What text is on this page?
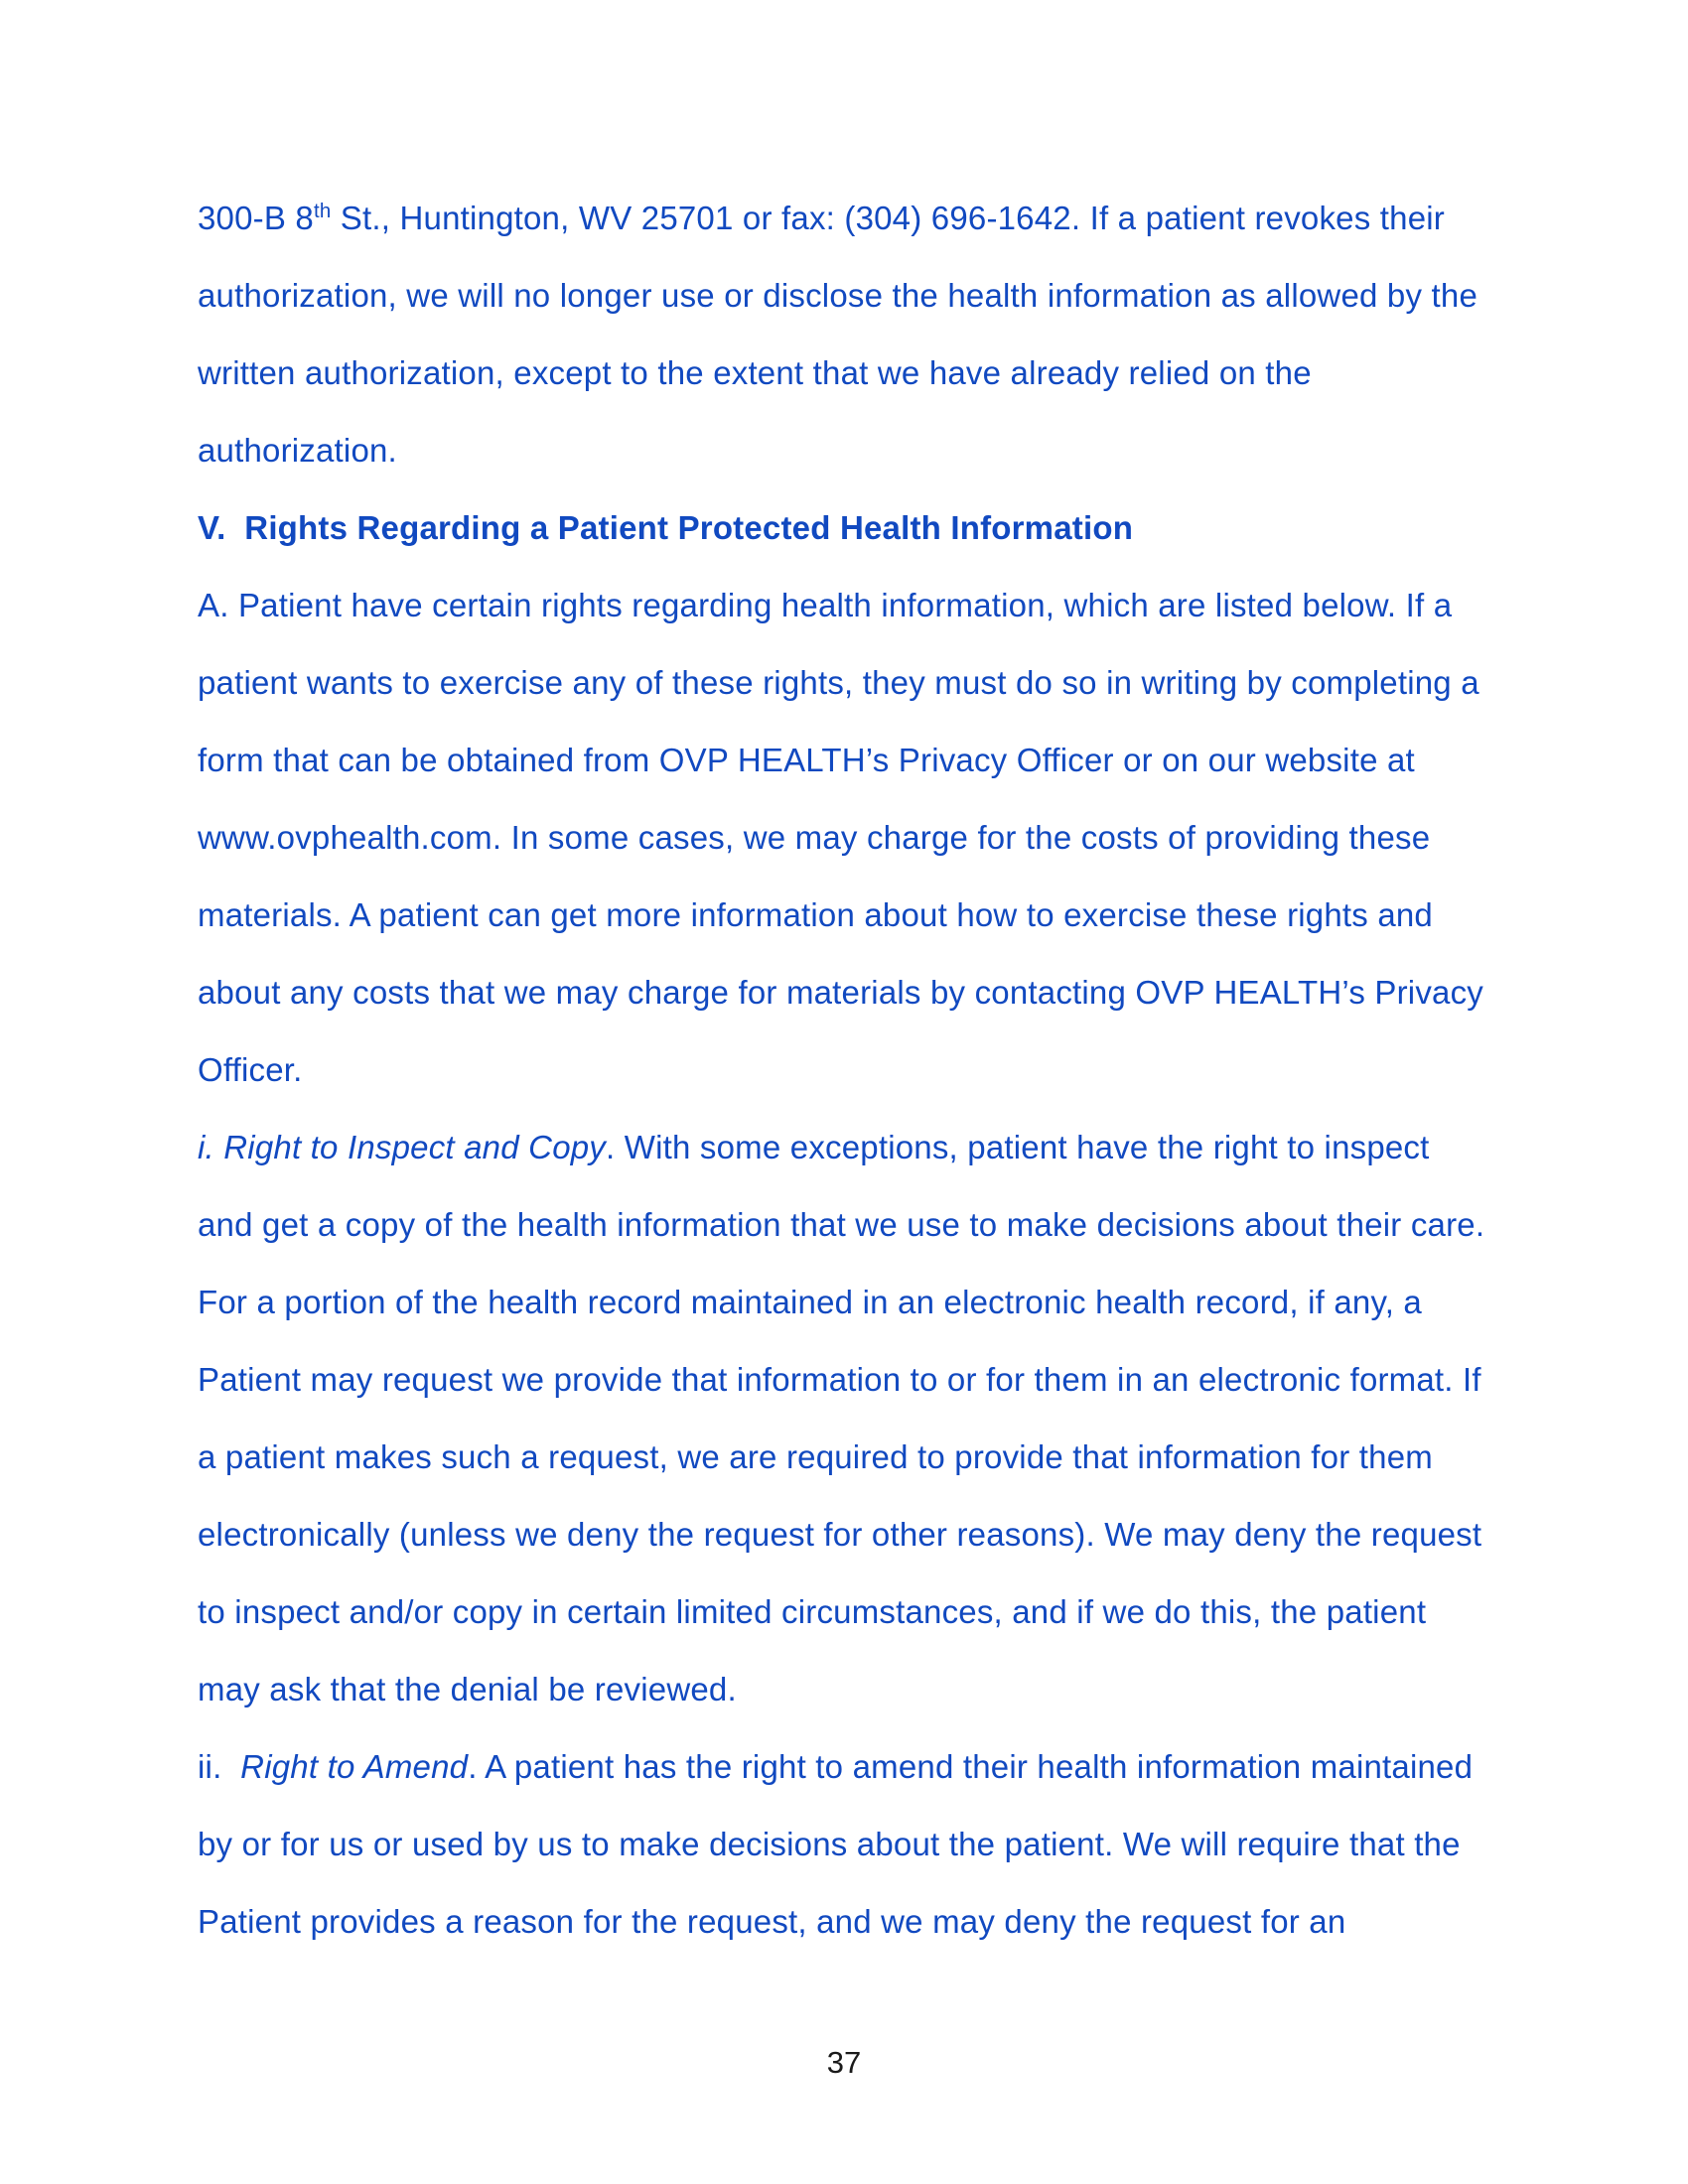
300-B 8th St., Huntington, WV 25701 or fax: (304) 696-1642. If a patient revokes their
authorization, we will no longer use or disclose the health information as allowed by the
written authorization, except to the extent that we have already relied on the
authorization.
V.  Rights Regarding a Patient Protected Health Information
A. Patient have certain rights regarding health information, which are listed below. If a
patient wants to exercise any of these rights, they must do so in writing by completing a
form that can be obtained from OVP HEALTH’s Privacy Officer or on our website at
www.ovphealth.com. In some cases, we may charge for the costs of providing these
materials. A patient can get more information about how to exercise these rights and
about any costs that we may charge for materials by contacting OVP HEALTH’s Privacy
Officer.
i. Right to Inspect and Copy. With some exceptions, patient have the right to inspect
and get a copy of the health information that we use to make decisions about their care.
For a portion of the health record maintained in an electronic health record, if any, a
Patient may request we provide that information to or for them in an electronic format. If
a patient makes such a request, we are required to provide that information for them
electronically (unless we deny the request for other reasons). We may deny the request
to inspect and/or copy in certain limited circumstances, and if we do this, the patient
may ask that the denial be reviewed.
ii.  Right to Amend. A patient has the right to amend their health information maintained
by or for us or used by us to make decisions about the patient. We will require that the
Patient provides a reason for the request, and we may deny the request for an
37
